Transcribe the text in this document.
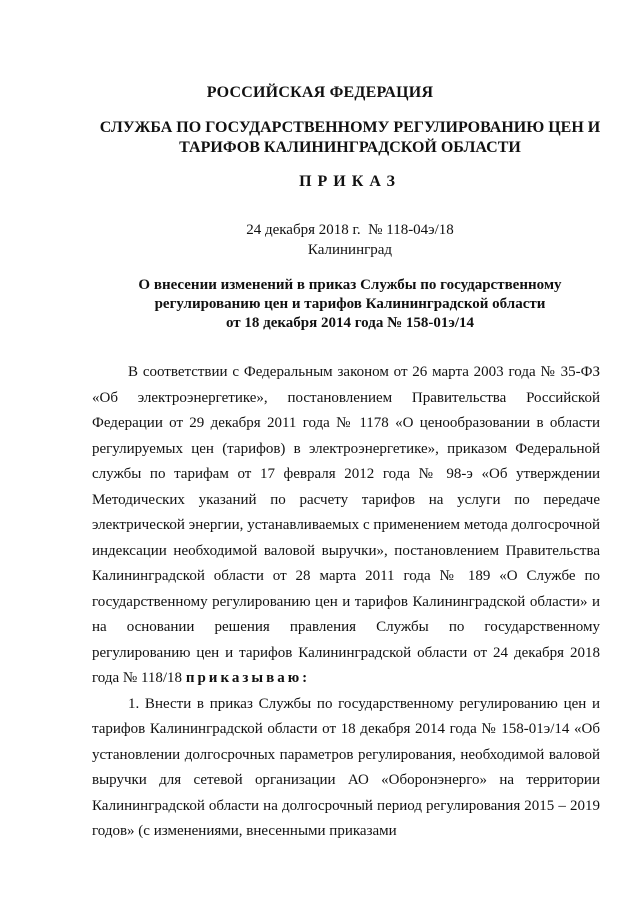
РОССИЙСКАЯ ФЕДЕРАЦИЯ
СЛУЖБА ПО ГОСУДАРСТВЕННОМУ РЕГУЛИРОВАНИЮ ЦЕН И
ТАРИФОВ КАЛИНИНГРАДСКОЙ ОБЛАСТИ
ПРИКАЗ
24 декабря 2018 г.  № 118-04э/18
Калининград
О внесении изменений в приказ Службы по государственному
регулированию цен и тарифов Калининградской области
от 18 декабря 2014 года № 158-01э/14

В соответствии с Федеральным законом от 26 марта 2003 года № 35-ФЗ «Об электроэнергетике», постановлением Правительства Российской Федерации от 29 декабря 2011 года № 1178 «О ценообразовании в области регулируемых цен (тарифов) в электроэнергетике», приказом Федеральной службы по тарифам от 17 февраля 2012 года № 98-э «Об утверждении Методических указаний по расчету тарифов на услуги по передаче электрической энергии, устанавливаемых с применением метода долгосрочной индексации необходимой валовой выручки», постановлением Правительства Калининградской области от 28 марта 2011 года № 189 «О Службе по государственному регулированию цен и тарифов Калининградской области» и на основании решения правления Службы по государственному регулированию цен и тарифов Калининградской области от 24 декабря 2018 года № 118/18 приказываю:

1. Внести в приказ Службы по государственному регулированию цен и тарифов Калининградской области от 18 декабря 2014 года № 158-01э/14 «Об установлении долгосрочных параметров регулирования, необходимой валовой выручки для сетевой организации АО «Оборонэнерго» на территории Калининградской области на долгосрочный период регулирования 2015 – 2019 годов» (с изменениями, внесенными приказами
